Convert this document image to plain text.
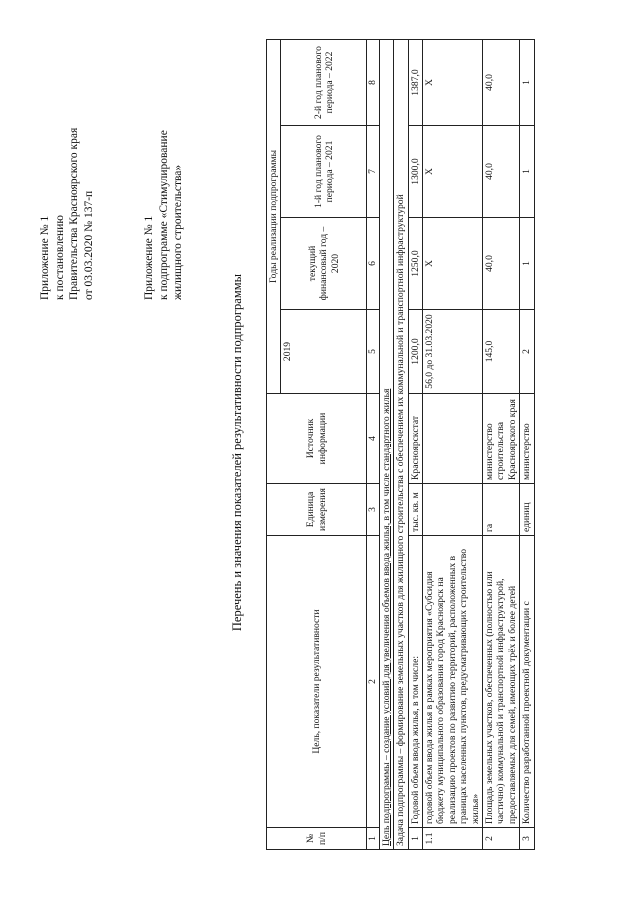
Приложение № 1 к постановлению Правительства Красноярского края от 03.03.2020 № 137-п	Приложение № 1 к подпрограмме «Стимулирование жилищного строительства»
Перечень и значения показателей результативности подпрограммы
№ п/п	Цель, показатели результативности	Единица измерения	Источник информации	Годы реализации подпрограммы			
				2019	текущий финансовый год – 2020	1-й год планового периода – 2021	2-й год планового периода – 2022
1	2	3	4	5	6	7	8
Цель подпрограммы – создание условий для увеличения объемов ввода жилья, в том числе стандартного жилья							
Задача подпрограммы – формирование земельных участков для жилищного строительства с обеспечением их коммунальной и транспортной инфраструктурой							
1	Годовой объем ввода жилья, в том числе:	тыс. кв. м	Красноярскстат	1200,0	1250,0	1300,0	1387,0
1.1	годовой объем ввода жилья в рамках мероприятия «Субсидия бюджету муниципального образования город Красноярск на реализацию проектов по развитию территорий, расположенных в границах населенных пунктов, предусматривающих строительство жилья»			56,0 до 31.03.2020	Х	Х	Х
2	Площадь земельных участков, обеспеченных (полностью или частично) коммунальной и транспортной инфраструктурой, предоставляемых для семей, имеющих трёх и более детей	га	министерство строительства Красноярского края	145,0	40,0	40,0	40,0
3	Количество разработанной проектной документации с	единиц	министерство	2	1	1	1
